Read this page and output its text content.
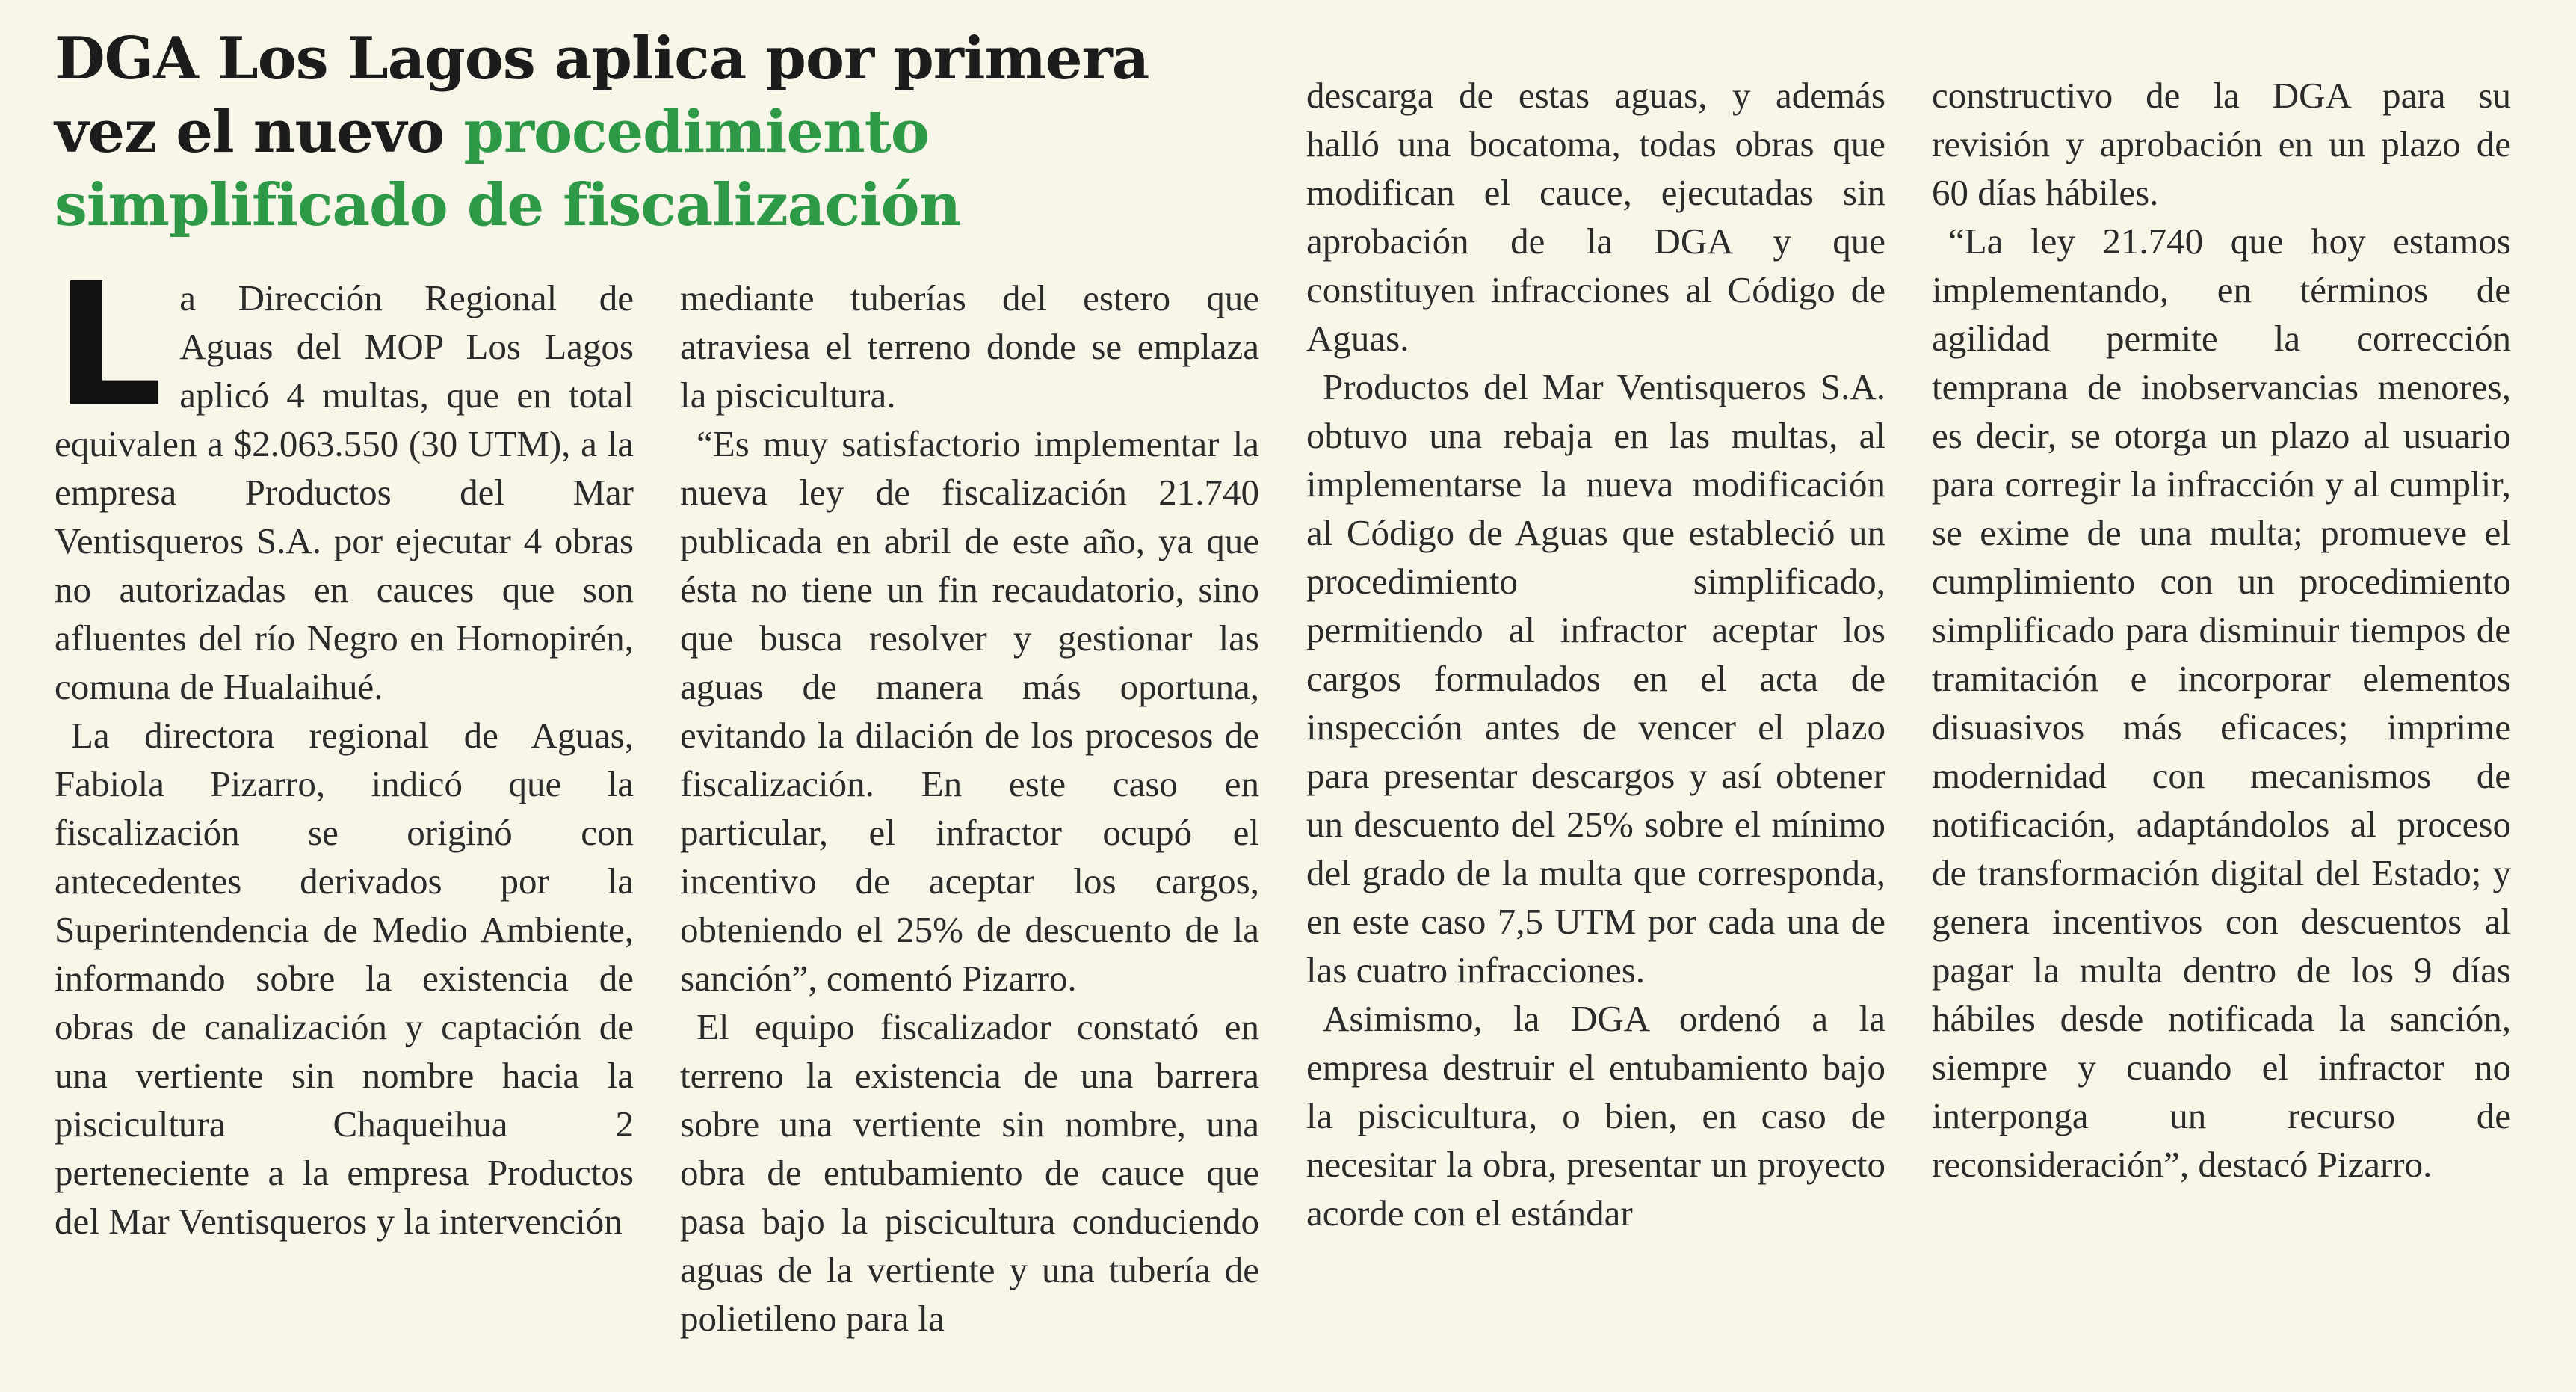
DGA Los Lagos aplica por primera vez el nuevo procedimiento simplificado de fiscalización

La Dirección Regional de Aguas del MOP Los Lagos aplicó 4 multas, que en total equivalen a $2.063.550 (30 UTM), a la empresa Productos del Mar Ventisqueros S.A. por ejecutar 4 obras no autorizadas en cauces que son afluentes del río Negro en Hornopirén, comuna de Hualaihué.

La directora regional de Aguas, Fabiola Pizarro, indicó que la fiscalización se originó con antecedentes derivados por la Superintendencia de Medio Ambiente, informando sobre la existencia de obras de canalización y captación de una vertiente sin nombre hacia la piscicultura Chaqueihua 2 perteneciente a la empresa Productos del Mar Ventisqueros y la intervención

mediante tuberías del estero que atraviesa el terreno donde se emplaza la piscicultura.

“Es muy satisfactorio implementar la nueva ley de fiscalización 21.740 publicada en abril de este año, ya que ésta no tiene un fin recaudatorio, sino que busca resolver y gestionar las aguas de manera más oportuna, evitando la dilación de los procesos de fiscalización. En este caso en particular, el infractor ocupó el incentivo de aceptar los cargos, obteniendo el 25% de descuento de la sanción”, comentó Pizarro.

El equipo fiscalizador constató en terreno la existencia de una barrera sobre una vertiente sin nombre, una obra de entubamiento de cauce que pasa bajo la piscicultura conduciendo aguas de la vertiente y una tubería de polietileno para la

descarga de estas aguas, y además halló una bocatoma, todas obras que modifican el cauce, ejecutadas sin aprobación de la DGA y que constituyen infracciones al Código de Aguas.

Productos del Mar Ventisqueros S.A. obtuvo una rebaja en las multas, al implementarse la nueva modificación al Código de Aguas que estableció un procedimiento simplificado, permitiendo al infractor aceptar los cargos formulados en el acta de inspección antes de vencer el plazo para presentar descargos y así obtener un descuento del 25% sobre el mínimo del grado de la multa que corresponda, en este caso 7,5 UTM por cada una de las cuatro infracciones.

Asimismo, la DGA ordenó a la empresa destruir el entubamiento bajo la piscicultura, o bien, en caso de necesitar la obra, presentar un proyecto acorde con el estándar

constructivo de la DGA para su revisión y aprobación en un plazo de 60 días hábiles.

“La ley 21.740 que hoy estamos implementando, en términos de agilidad permite la corrección temprana de inobservancias menores, es decir, se otorga un plazo al usuario para corregir la infracción y al cumplir, se exime de una multa; promueve el cumplimiento con un procedimiento simplificado para disminuir tiempos de tramitación e incorporar elementos disuasivos más eficaces; imprime modernidad con mecanismos de notificación, adaptándolos al proceso de transformación digital del Estado; y genera incentivos con descuentos al pagar la multa dentro de los 9 días hábiles desde notificada la sanción, siempre y cuando el infractor no interponga un recurso de reconsideración”, destacó Pizarro.
